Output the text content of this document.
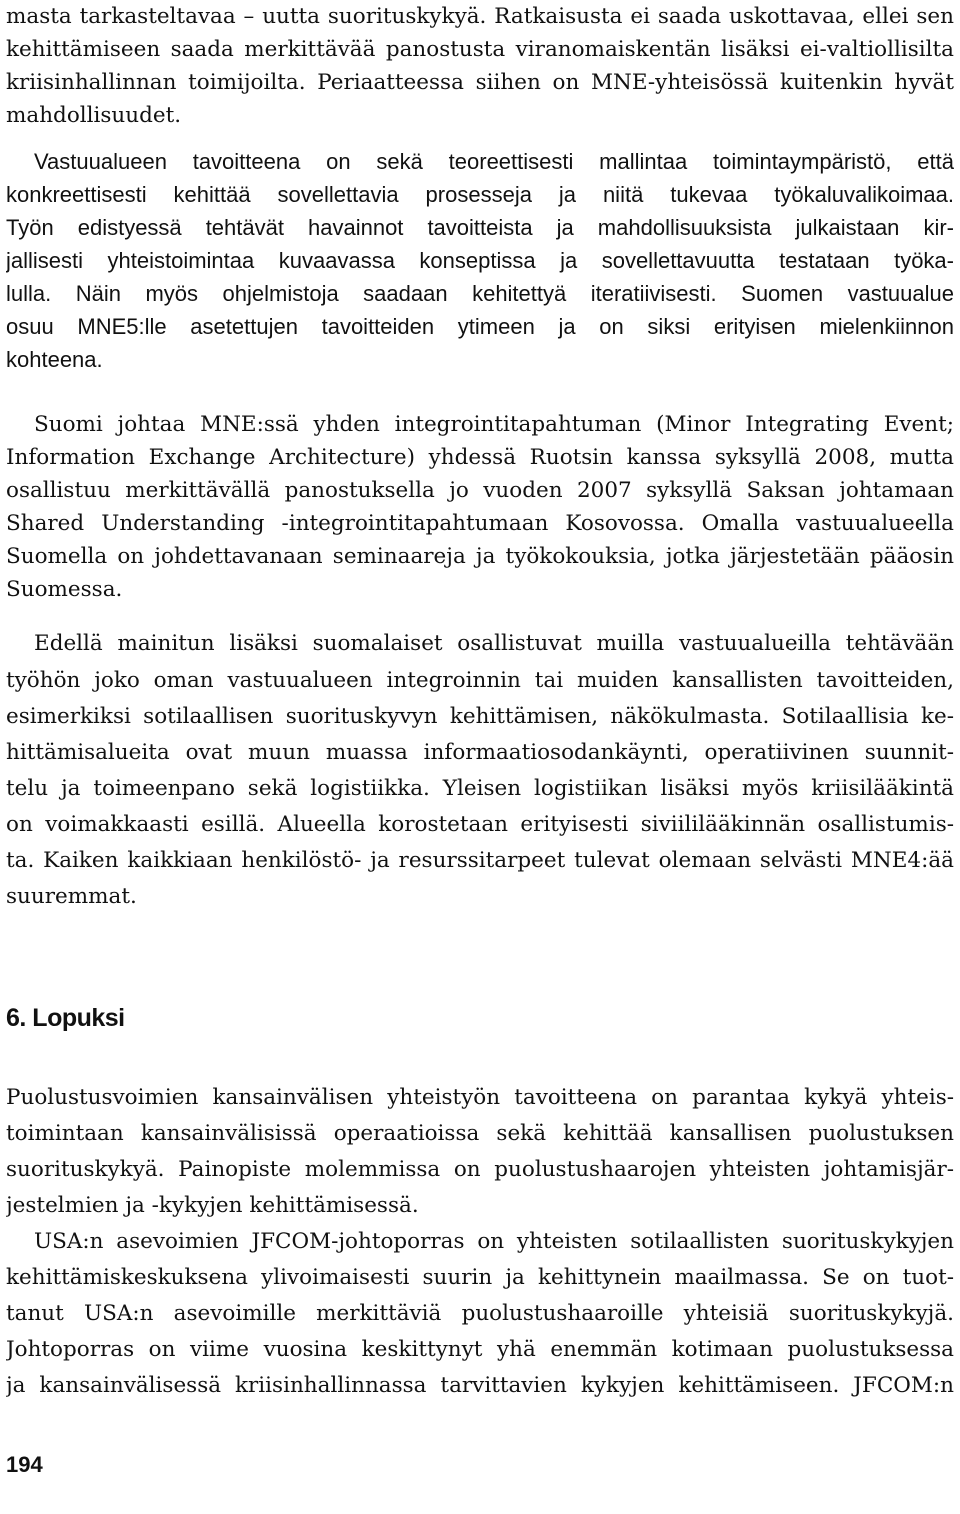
masta tarkasteltavaa – uutta suorituskykyä. Ratkaisusta ei saada uskottavaa, ellei sen
kehittämiseen saada merkittävää panostusta viranomaiskentän lisäksi ei-valtiollisilta
kriisinhallinnan toimijoilta. Periaatteessa siihen on MNE-yhteisössä kuitenkin hyvät
mahdollisuudet.
Vastuualueen tavoitteena on sekä teoreettisesti mallintaa toimintaympäristö, että
konkreettisesti kehittää sovellettavia prosesseja ja niitä tukevaa työkaluvalikoimaa.
Työn edistyessä tehtävät havainnot tavoitteista ja mahdollisuuksista julkaistaan kir-
jallisesti yhteistoimintaa kuvaavassa konseptissa ja sovellettavuutta testataan työka-
lulla. Näin myös ohjelmistoja saadaan kehitettyä iteratiivisesti. Suomen vastuualue
osuu MNE5:lle asetettujen tavoitteiden ytimeen ja on siksi erityisen mielenkiinnon
kohteena.
Suomi johtaa MNE:ssä yhden integrointitapahtuman (Minor Integrating Event;
Information Exchange Architecture) yhdessä Ruotsin kanssa syksyllä 2008, mutta
osallistuu merkittävällä panostuksella jo vuoden 2007 syksyllä Saksan johtamaan
Shared Understanding -integrointitapahtumaan Kosovossa. Omalla vastuualueella
Suomella on johdettavanaan seminaareja ja työkokouksia, jotka järjestetään pääosin
Suomessa.
Edellä mainitun lisäksi suomalaiset osallistuvat muilla vastuualueilla tehtävään
työhön joko oman vastuualueen integroinnin tai muiden kansallisten tavoitteiden,
esimerkiksi sotilaallisen suorituskyvyn kehittämisen, näkökulmasta. Sotilaallisia ke-
hittämisalueita ovat muun muassa informaatiosodankäynti, operatiivinen suunnit-
telu ja toimeenpano sekä logistiikka. Yleisen logistiikan lisäksi myös kriisilääkintä
on voimakkaasti esillä. Alueella korostetaan erityisesti siviililääkinnän osallistumis-
ta. Kaiken kaikkiaan henkilöstö- ja resurssitarpeet tulevat olemaan selvästi MNE4:ää
suuremmat.
6. Lopuksi
Puolustusvoimien kansainvälisen yhteistyön tavoitteena on parantaa kykyä yhteis-
toimintaan kansainvälisissä operaatioissa sekä kehittää kansallisen puolustuksen
suorituskykyä. Painopiste molemmissa on puolustushaarojen yhteisten johtamisjär-
jestelmien ja -kykyjen kehittämisessä.
USA:n asevoimien JFCOM-johtoporras on yhteisten sotilaallisten suorituskykyjen
kehittämiskeskuksena ylivoimaisesti suurin ja kehittynein maailmassa. Se on tuot-
tanut USA:n asevoimille merkittäviä puolustushaaroille yhteisiä suorituskykyjä.
Johtoporras on viime vuosina keskittynyt yhä enemmän kotimaan puolustuksessa
ja kansainvälisessä kriisinhallinnassa tarvittavien kykyjen kehittämiseen. JFCOM:n
194
